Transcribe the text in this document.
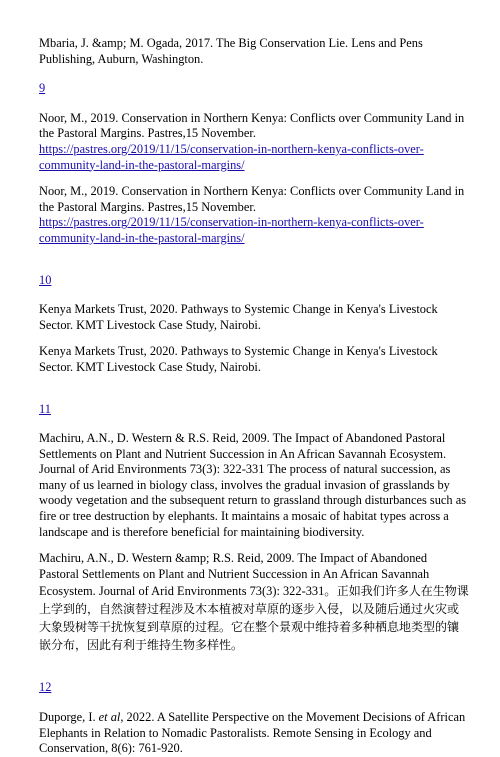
Mbaria, J. &amp; M. Ogada, 2017. The Big Conservation Lie. Lens and Pens Publishing, Auburn, Washington.

9

Noor, M., 2019. Conservation in Northern Kenya: Conflicts over Community Land in the Pastoral Margins. Pastres,15 November. https://pastres.org/2019/11/15/conservation-in-northern-kenya-conflicts-over-community-land-in-the-pastoral-margins/

Noor, M., 2019. Conservation in Northern Kenya: Conflicts over Community Land in the Pastoral Margins. Pastres,15 November. https://pastres.org/2019/11/15/conservation-in-northern-kenya-conflicts-over-community-land-in-the-pastoral-margins/

10

Kenya Markets Trust, 2020. Pathways to Systemic Change in Kenya's Livestock Sector. KMT Livestock Case Study, Nairobi.

Kenya Markets Trust, 2020. Pathways to Systemic Change in Kenya's Livestock Sector. KMT Livestock Case Study, Nairobi.

11

Machiru, A.N., D. Western & R.S. Reid, 2009. The Impact of Abandoned Pastoral Settlements on Plant and Nutrient Succession in An African Savannah Ecosystem. Journal of Arid Environments 73(3): 322-331 The process of natural succession, as many of us learned in biology class, involves the gradual invasion of grasslands by woody vegetation and the subsequent return to grassland through disturbances such as fire or tree destruction by elephants. It maintains a mosaic of habitat types across a landscape and is therefore beneficial for maintaining biodiversity.

Machiru, A.N., D. Western &amp; R.S. Reid, 2009. The Impact of Abandoned Pastoral Settlements on Plant and Nutrient Succession in An African Savannah Ecosystem. Journal of Arid Environments 73(3): 322-331。正如我们许多人在生物课上学到的，自然演替过程涉及木本植被对草原的逐步入侵，以及随后通过火灾或大象毁树等干扰恢复到草原的过程。它在整个景观中维持着多种栖息地类型的镶嵌分布，因此有利于维持生物多样性。

12

Duporge, I. et al, 2022. A Satellite Perspective on the Movement Decisions of African Elephants in Relation to Nomadic Pastoralists. Remote Sensing in Ecology and Conservation, 8(6): 761-920.
